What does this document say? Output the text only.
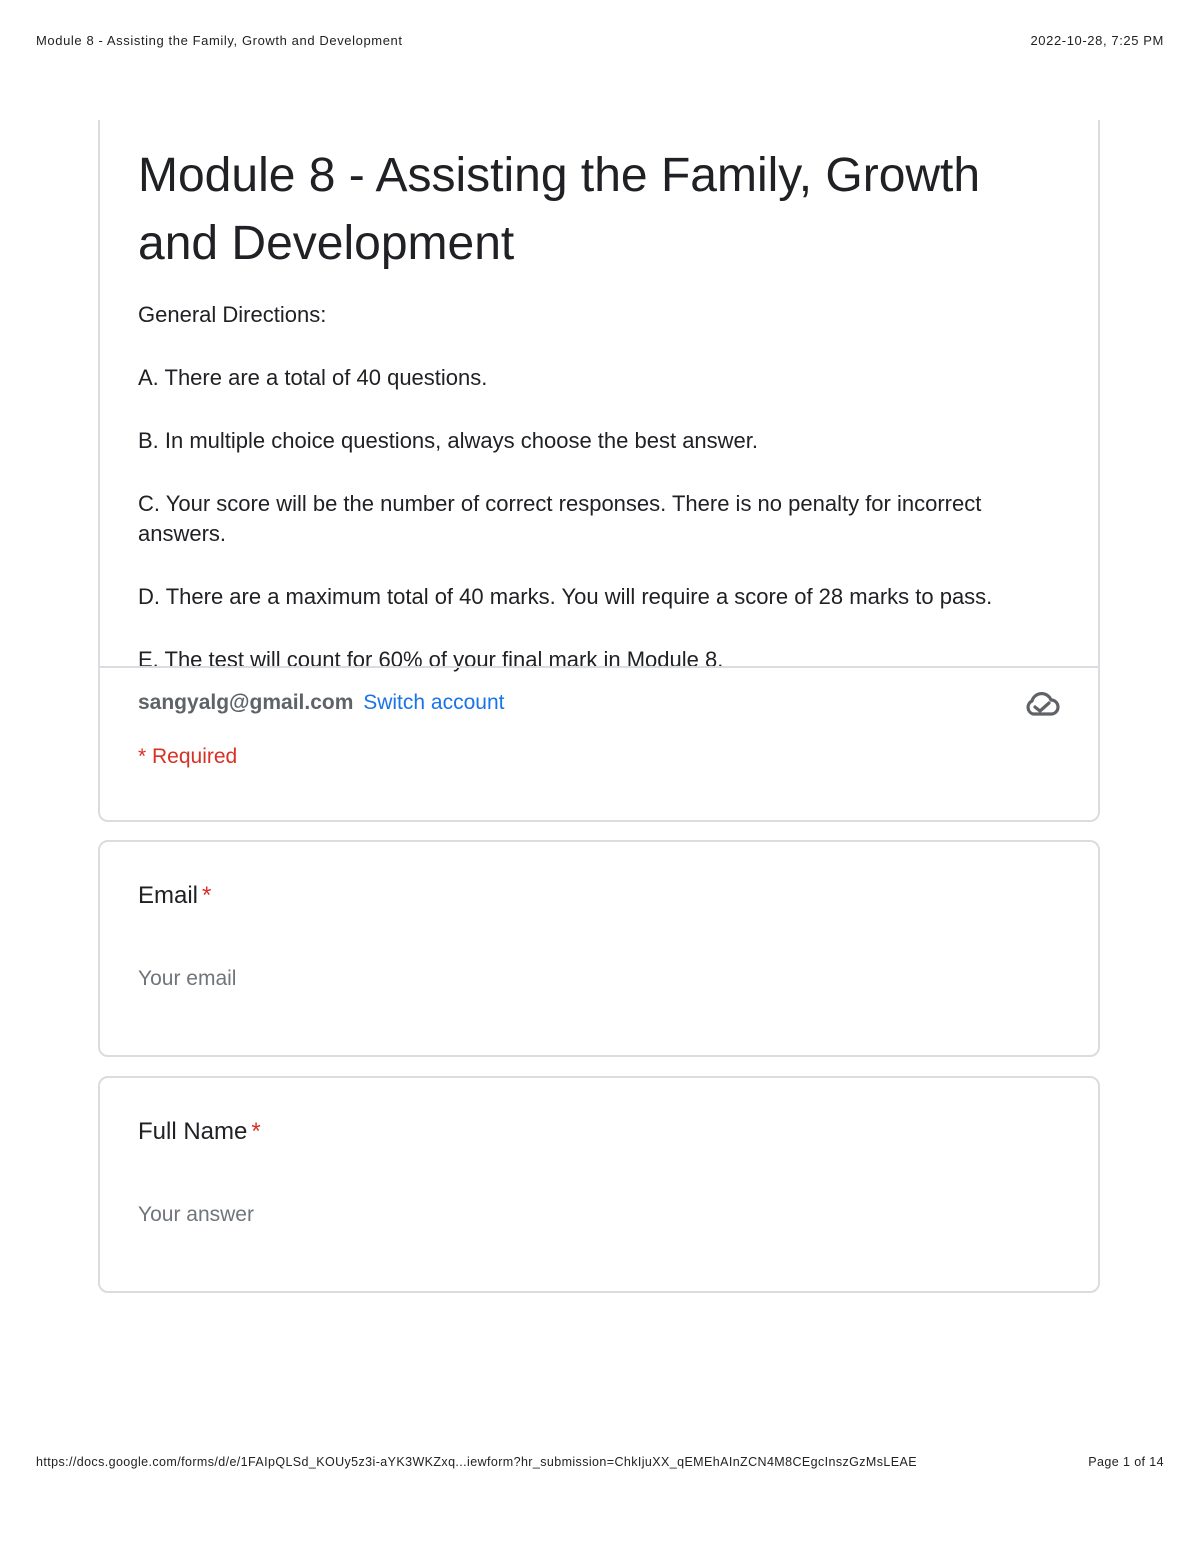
Module 8 - Assisting the Family, Growth and Development	2022-10-28, 7:25 PM
Module 8 - Assisting the Family, Growth and Development

General Directions:

A. There are a total of 40 questions.

B. In multiple choice questions, always choose the best answer.

C. Your score will be the number of correct responses. There is no penalty for incorrect answers.

D. There are a maximum total of 40 marks. You will require a score of 28 marks to pass.

E. The test will count for 60% of your final mark in Module 8.

sangyalg@gmail.com Switch account
* Required
Email *
Your email
Full Name *
Your answer
https://docs.google.com/forms/d/e/1FAIpQLSd_KOUy5z3i-aYK3WKZxq...iewform?hr_submission=ChkIjuXX_qEMEhAInZCN4M8CEgcInszGzMsLEAE	Page 1 of 14
